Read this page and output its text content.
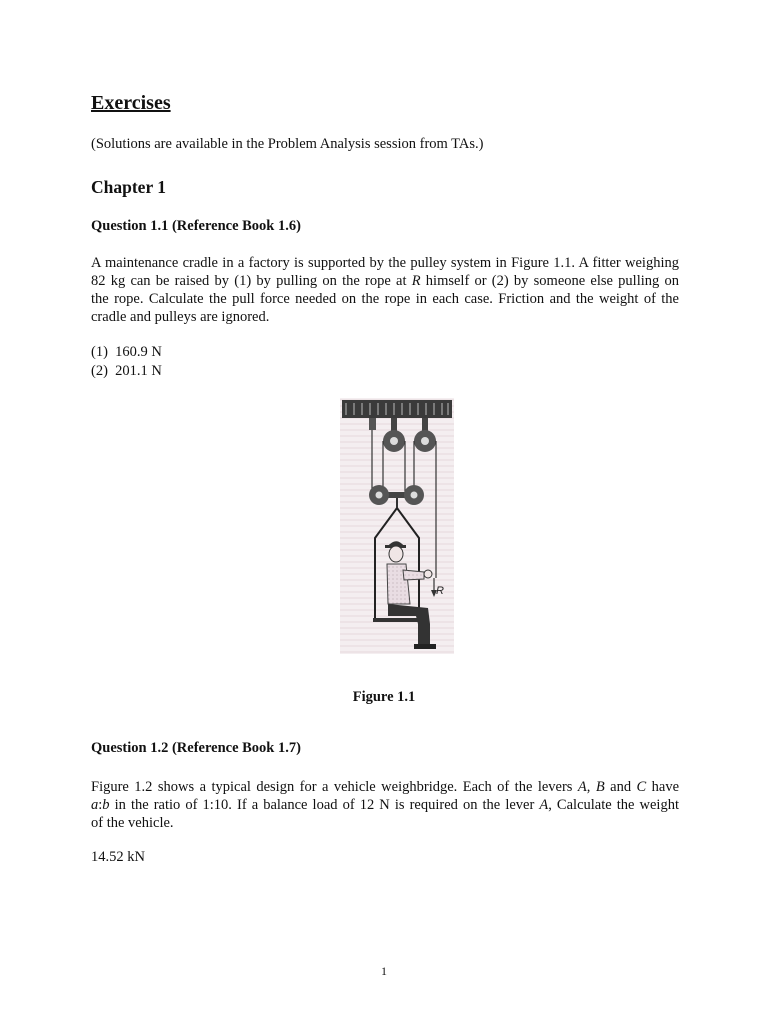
Exercises

(Solutions are available in the Problem Analysis session from TAs.)

Chapter 1
Question 1.1 (Reference Book 1.6)
A maintenance cradle in a factory is supported by the pulley system in Figure 1.1. A fitter weighing
82 kg can be raised by (1) by pulling on the rope at R himself or (2) by someone else pulling on
the rope. Calculate the pull force needed on the rope in each case. Friction and the weight of the
cradle and pulleys are ignored.
(1)  160.9 N
(2)  201.1 N
R

Figure 1.1

Question 1.2 (Reference Book 1.7)
Figure 1.2 shows a typical design for a vehicle weighbridge. Each of the levers A, B and C have
a:b in the ratio of 1:10. If a balance load of 12 N is required on the lever A, Calculate the weight
of the vehicle.

14.52 kN

1
